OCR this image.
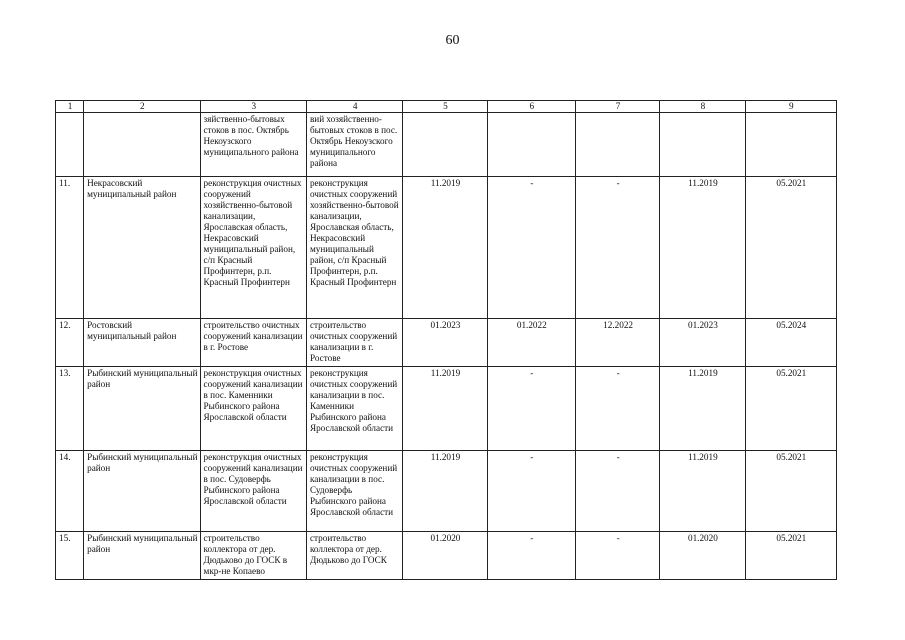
60
1	2	3	4	5	6	7	8	9
		зяйственно-бытовых стоков в пос. Октябрь Некоузского муниципального района	вий хозяйственно-бытовых стоков в пос. Октябрь Некоузского муниципального района					
11.	Некрасовский муниципальный район	реконструкция очистных сооружений хозяйственно-бытовой канализации, Ярославская область, Некрасовский муниципальный район, с/п Красный Профинтерн, р.п. Красный Профинтерн	реконструкция очистных сооружений хозяйственно-бытовой канализации, Ярославская область, Некрасовский муниципальный район, с/п Красный Профинтерн, р.п. Красный Профинтерн	11.2019	-	-	11.2019	05.2021
12.	Ростовский муниципальный район	строительство очистных сооружений канализации в г. Ростове	строительство очистных сооружений канализации в г. Ростове	01.2023	01.2022	12.2022	01.2023	05.2024
13.	Рыбинский муниципальный район	реконструкция очистных сооружений канализации в пос. Каменники Рыбинского района Ярославской области	реконструкция очистных сооружений канализации в пос. Каменники Рыбинского района Ярославской области	11.2019	-	-	11.2019	05.2021
14.	Рыбинский муниципальный район	реконструкция очистных сооружений канализации в пос. Судоверфь Рыбинского района Ярославской области	реконструкция очистных сооружений канализации в пос. Судоверфь Рыбинского района Ярославской области	11.2019	-	-	11.2019	05.2021
15.	Рыбинский муниципальный район	строительство коллектора от дер. Дюдьково до ГОСК в мкр-не Копаево	строительство коллектора от дер. Дюдьково до ГОСК	01.2020	-	-	01.2020	05.2021
